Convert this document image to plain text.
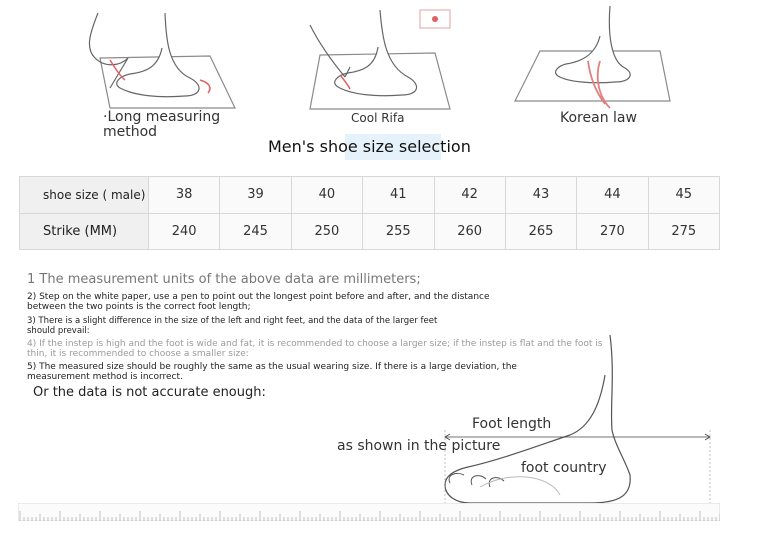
·Long measuring
method
Cool Rifa	Korean law
Men's shoe size selection
shoe size ( male)	38	39	40	41	42	43	44	45
Strike (MM)	240	245	250	255	260	265	270	275
1 The measurement units of the above data are millimeters;
2) Step on the white paper, use a pen to point out the longest point before and after, and the distance
between the two points is the correct foot length;
3) There is a slight difference in the size of the left and right feet, and the data of the larger feet
should prevail:
4) If the instep is high and the foot is wide and fat, it is recommended to choose a larger size; if the instep is flat and the foot is
thin, it is recommended to choose a smaller size:
5) The measured size should be roughly the same as the usual wearing size. If there is a large deviation, the
measurement method is incorrect.
Or the data is not accurate enough:
Foot length
as shown in the picture
foot country
